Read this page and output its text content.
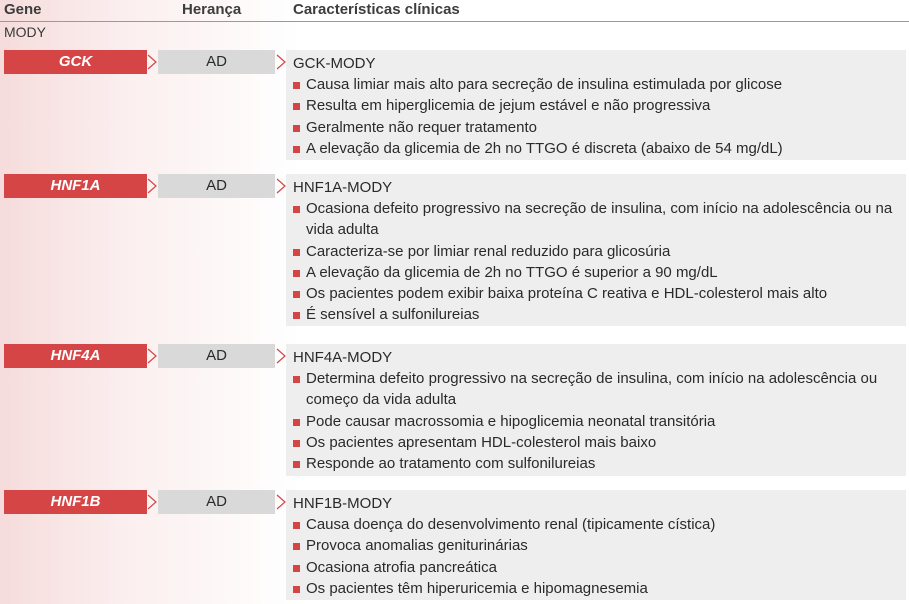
Gene	Herança	Características clínicas
MODY
GCK	AD	GCK-MODY
Causa limiar mais alto para secreção de insulina estimulada por glicose
Resulta em hiperglicemia de jejum estável e não progressiva
Geralmente não requer tratamento
A elevação da glicemia de 2h no TTGO é discreta (abaixo de 54 mg/dL)
HNF1A	AD	HNF1A-MODY
Ocasiona defeito progressivo na secreção de insulina, com início na adolescência ou na vida adulta
Caracteriza-se por limiar renal reduzido para glicosúria
A elevação da glicemia de 2h no TTGO é superior a 90 mg/dL
Os pacientes podem exibir baixa proteína C reativa e HDL-colesterol mais alto
É sensível a sulfonilureias
HNF4A	AD	HNF4A-MODY
Determina defeito progressivo na secreção de insulina, com início na adolescência ou começo da vida adulta
Pode causar macrossomia e hipoglicemia neonatal transitória
Os pacientes apresentam HDL-colesterol mais baixo
Responde ao tratamento com sulfonilureias
HNF1B	AD	HNF1B-MODY
Causa doença do desenvolvimento renal (tipicamente cística)
Provoca anomalias geniturinárias
Ocasiona atrofia pancreática
Os pacientes têm hiperuricemia e hipomagnesemia
